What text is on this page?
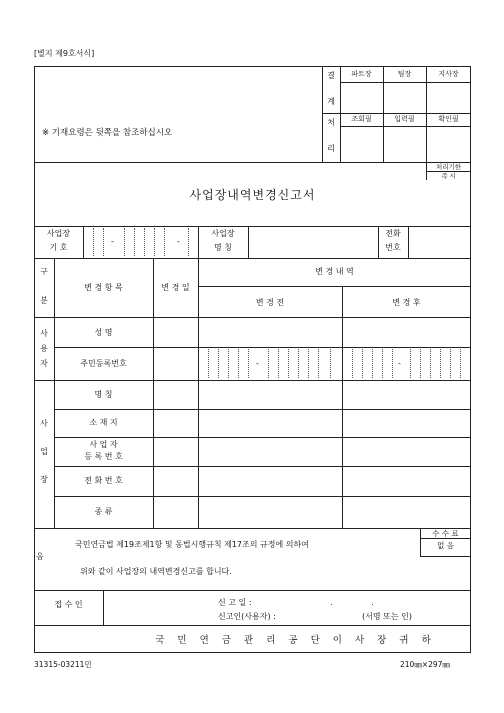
[별지 제9호서식]
결
계
처
리
파트장	팀장	지사장
조회필	입력필	확인필
※ 기재요령은 뒷쪽을 참조하십시오
처리기한
즉 시
사업장내역변경신고서
사업장
기 호
-	-
사업장
명 칭
전화
번호
구
분
변 경 항 목	변 경 일
변 경 내 역
변 경 전	변 경 후
사
용
자
성 명
주민등록번호	-	-
사
업
장
명 칭
소 재 지
사 업 자
등 록 번 호
전 화 번 호
종 류
음
국민연금법 제19조제1항 및 동법시행규칙 제17조의 규정에 의하여
위와 같이 사업장의 내역변경신고를 합니다.
수 수 료
없 음
접 수 인	신 고 일 :	. .
신고인(사용자) :	(서명 또는 인)
국 민 연 금 관 리 공 단 이 사 장 귀 하
31315-03211민	210㎜×297㎜
